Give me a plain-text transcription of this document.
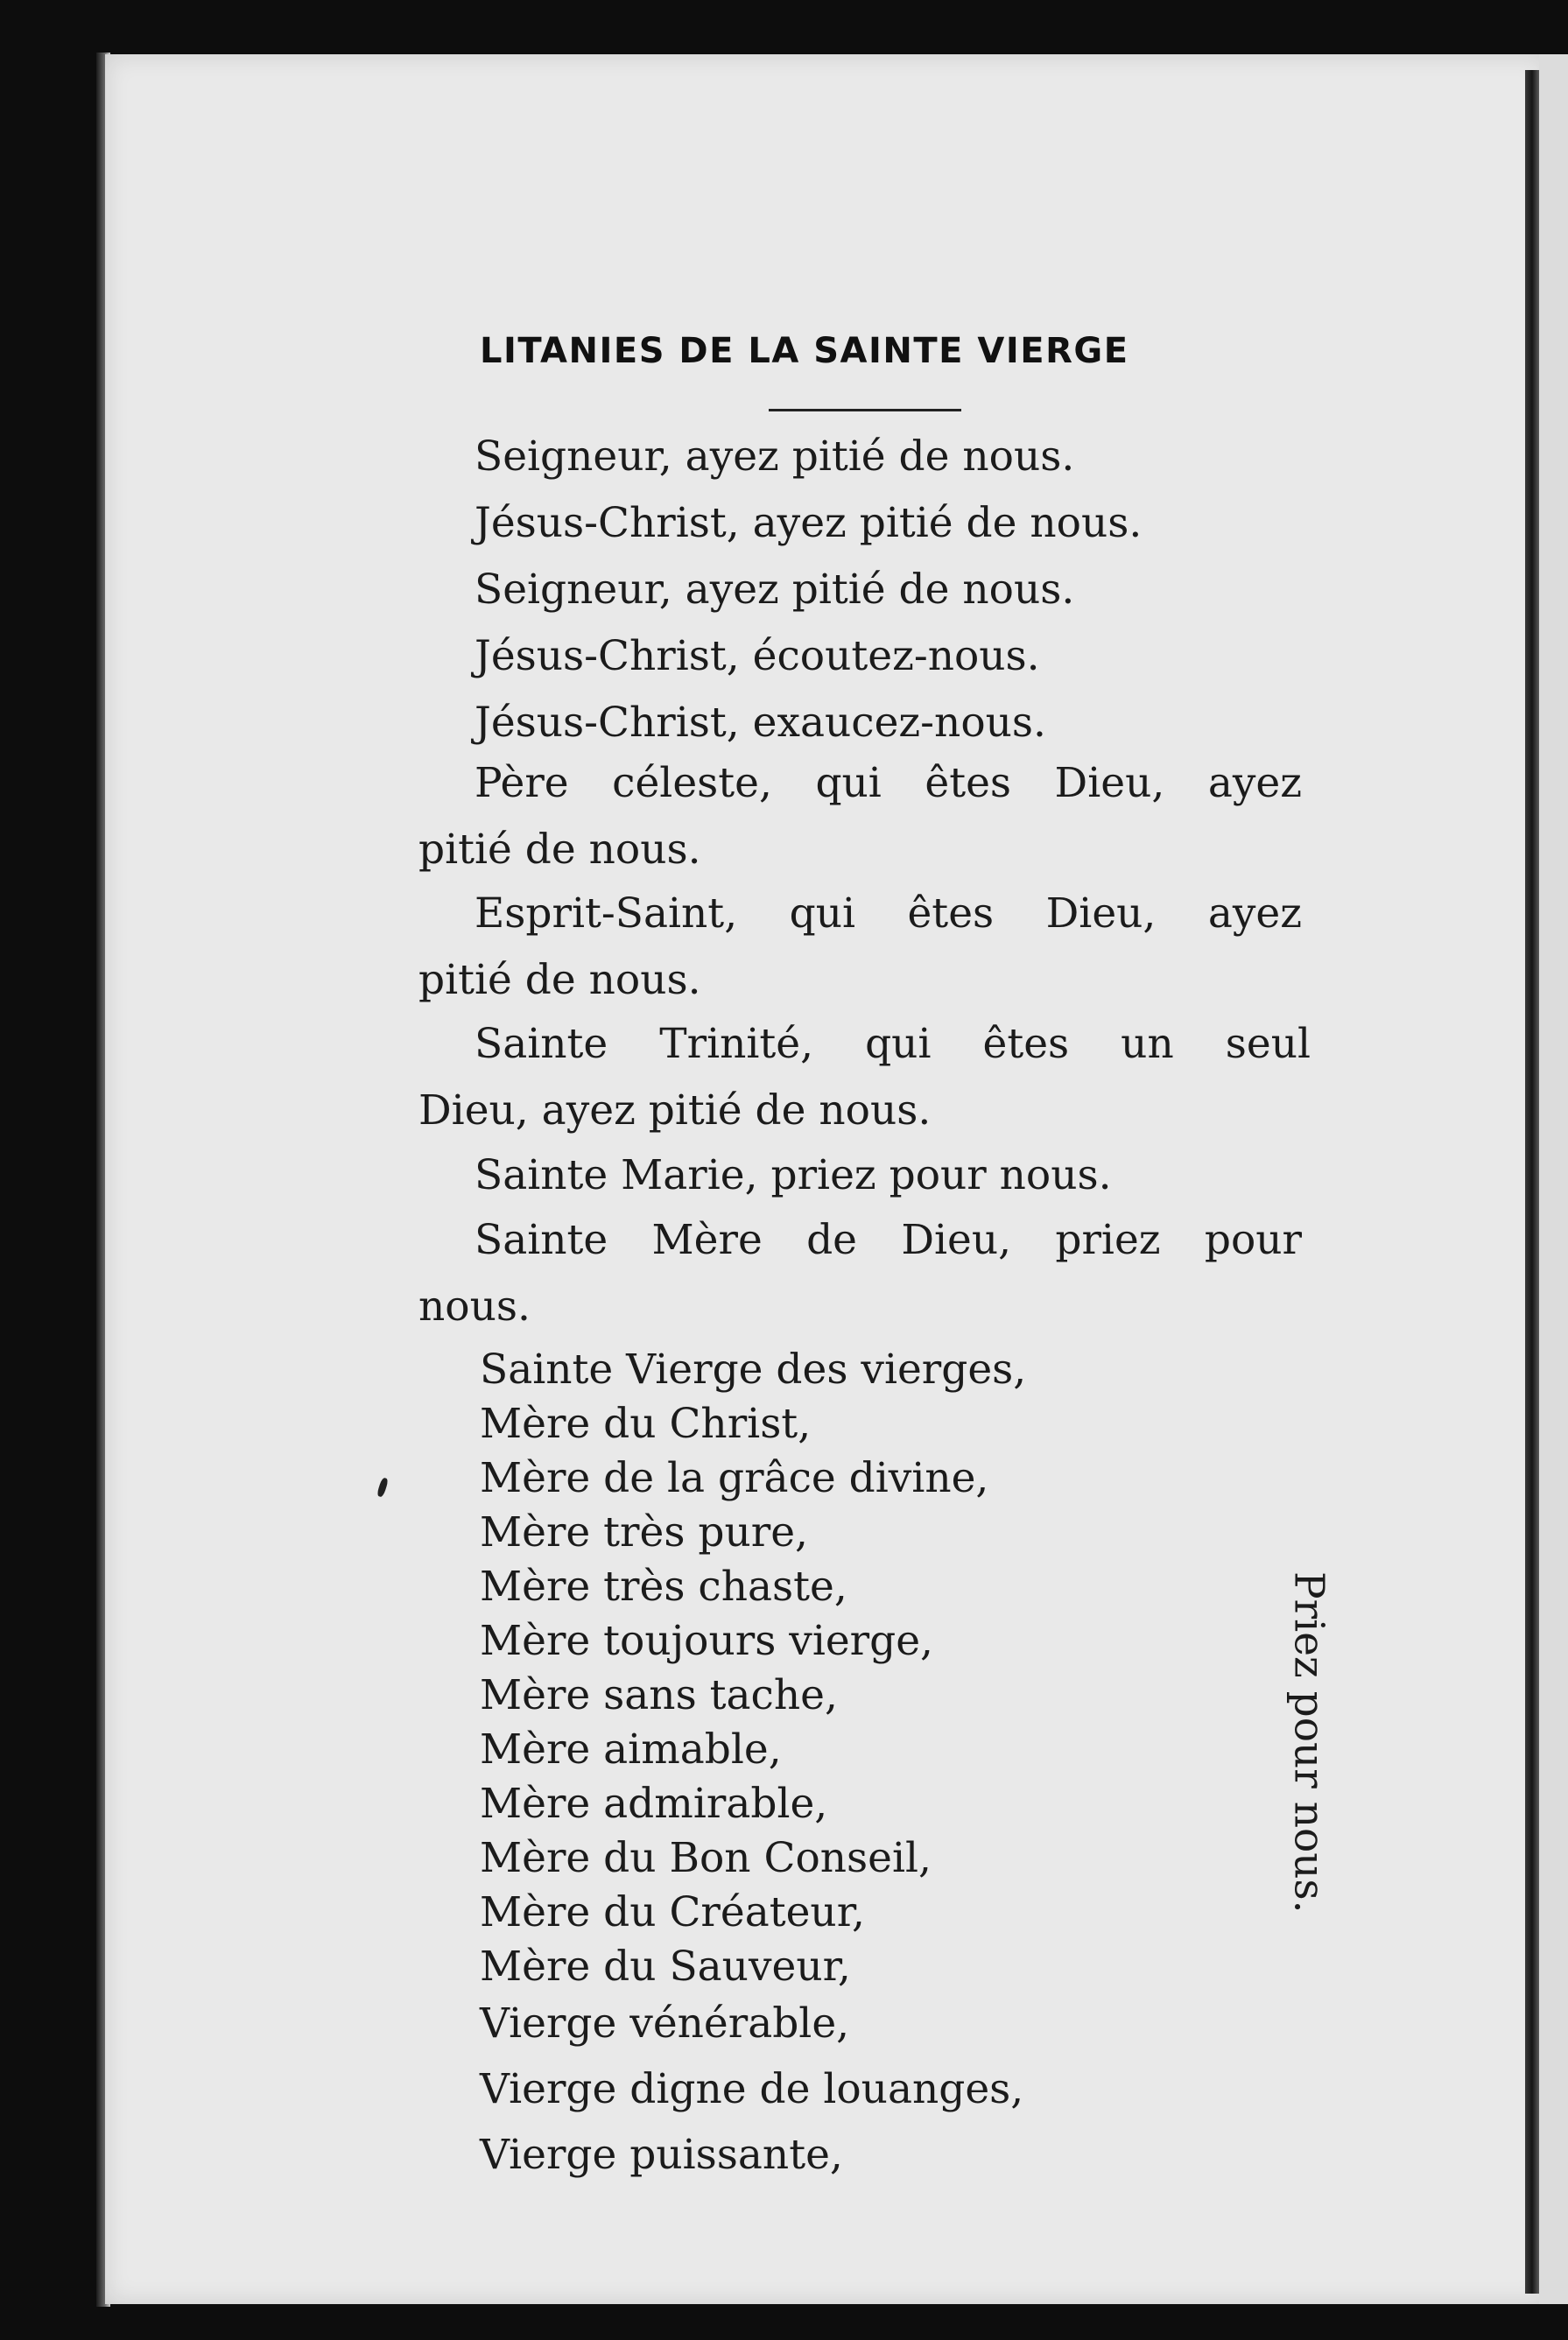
LITANIES DE LA SAINTE VIERGE
Seigneur, ayez pitié de nous.
Jésus-Christ, ayez pitié de nous.
Seigneur, ayez pitié de nous.
Jésus-Christ, écoutez-nous.
Jésus-Christ, exaucez-nous.
Père céleste, qui êtes Dieu, ayez
pitié de nous.
Esprit-Saint, qui êtes Dieu, ayez
pitié de nous.
Sainte Trinité, qui êtes un seul
Dieu, ayez pitié de nous.
Sainte Marie, priez pour nous.
Sainte Mère de Dieu, priez pour
nous.
Sainte Vierge des vierges,
Mère du Christ,
Mère de la grâce divine,
Mère très pure,
Mère très chaste,
Mère toujours vierge,
Mère sans tache,
Mère aimable,
Mère admirable,
Mère du Bon Conseil,
Mère du Créateur,
Mère du Sauveur,
Vierge vénérable,
Vierge digne de louanges,
Vierge puissante,
Priez pour nous.
